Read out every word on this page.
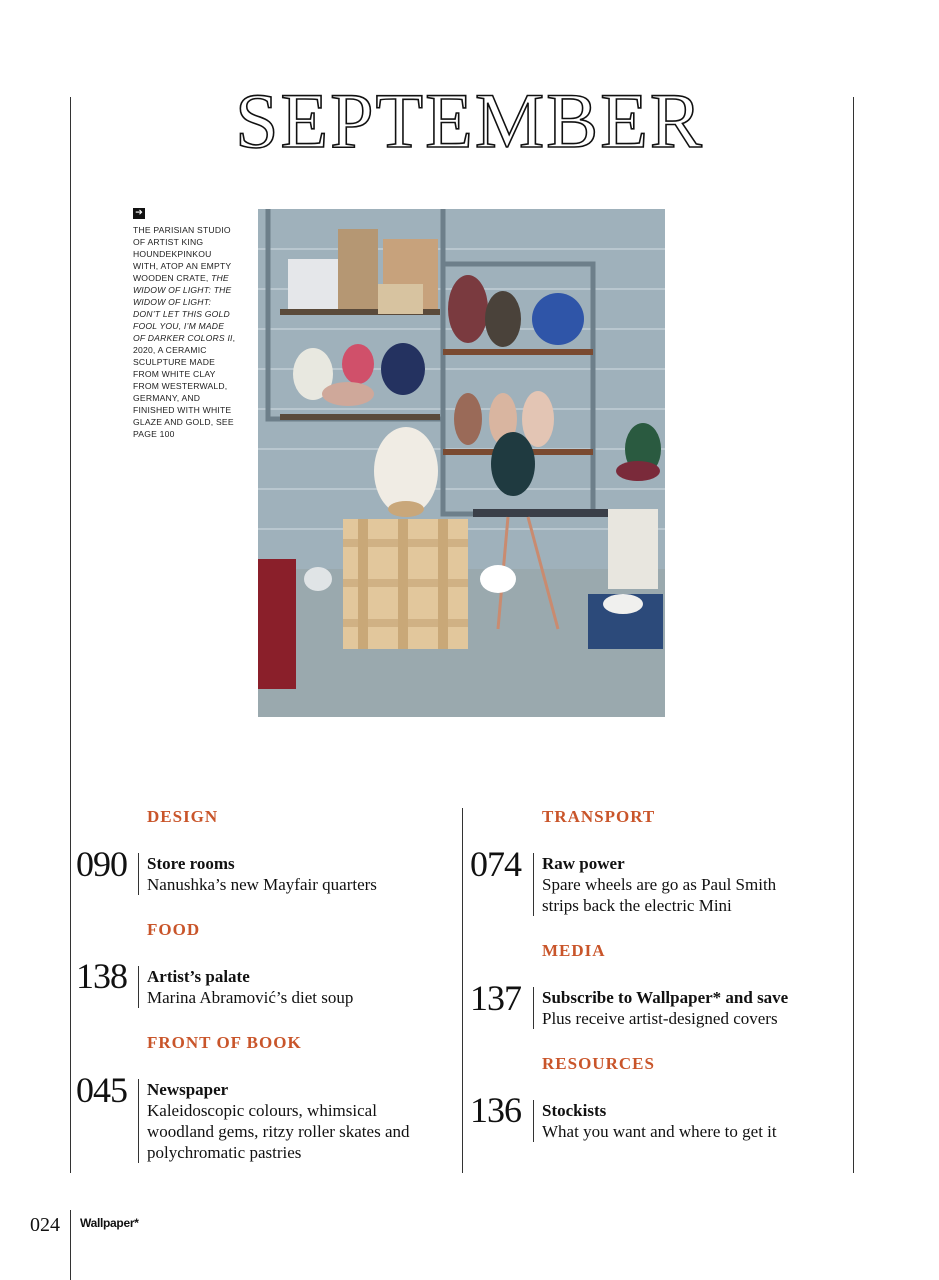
SEPTEMBER
➔
THE PARISIAN STUDIO OF ARTIST KING HOUNDEKPINKOU WITH, ATOP AN EMPTY WOODEN CRATE, THE WIDOW OF LIGHT: THE WIDOW OF LIGHT: DON’T LET THIS GOLD FOOL YOU, I’M MADE OF DARKER COLORS II, 2020, A CERAMIC SCULPTURE MADE FROM WHITE CLAY FROM WESTERWALD, GERMANY, AND FINISHED WITH WHITE GLAZE AND GOLD, SEE PAGE 100
DESIGN
090 Store rooms
Nanushka’s new Mayfair quarters
FOOD
138 Artist’s palate
Marina Abramović’s diet soup
FRONT OF BOOK
045 Newspaper
Kaleidoscopic colours, whimsical woodland gems, ritzy roller skates and polychromatic pastries
TRANSPORT
074 Raw power
Spare wheels are go as Paul Smith strips back the electric Mini
MEDIA
137 Subscribe to Wallpaper* and save
Plus receive artist-designed covers
RESOURCES
136 Stockists
What you want and where to get it
024 Wallpaper*
